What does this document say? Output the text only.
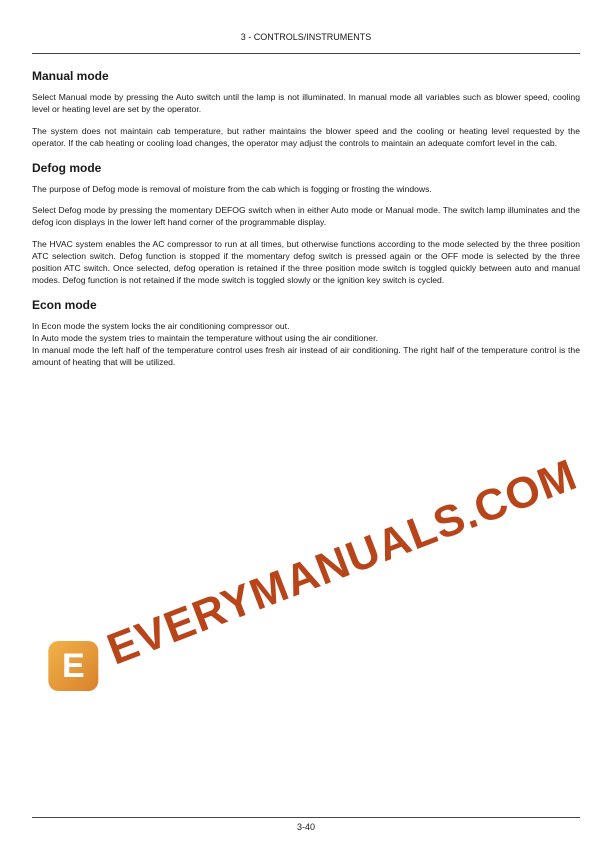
3 - CONTROLS/INSTRUMENTS
Manual mode

Select Manual mode by pressing the Auto switch until the lamp is not illuminated. In manual mode all variables such as blower speed, cooling level or heating level are set by the operator.

The system does not maintain cab temperature, but rather maintains the blower speed and the cooling or heating level requested by the operator. If the cab heating or cooling load changes, the operator may adjust the controls to maintain an adequate comfort level in the cab.

Defog mode

The purpose of Defog mode is removal of moisture from the cab which is fogging or frosting the windows.

Select Defog mode by pressing the momentary DEFOG switch when in either Auto mode or Manual mode. The switch lamp illuminates and the defog icon displays in the lower left hand corner of the programmable display.

The HVAC system enables the AC compressor to run at all times, but otherwise functions according to the mode selected by the three position ATC selection switch. Defog function is stopped if the momentary defog switch is pressed again or the OFF mode is selected by the three position ATC switch. Once selected, defog operation is retained if the three position mode switch is toggled quickly between auto and manual modes. Defog function is not retained if the mode switch is toggled slowly or the ignition key switch is cycled.

Econ mode

In Econ mode the system locks the air conditioning compressor out.

In Auto mode the system tries to maintain the temperature without using the air conditioner.

In manual mode the left half of the temperature control uses fresh air instead of air conditioning. The right half of the temperature control is the amount of heating that will be utilized.

E EVERYMANUALS.COM
3-40
